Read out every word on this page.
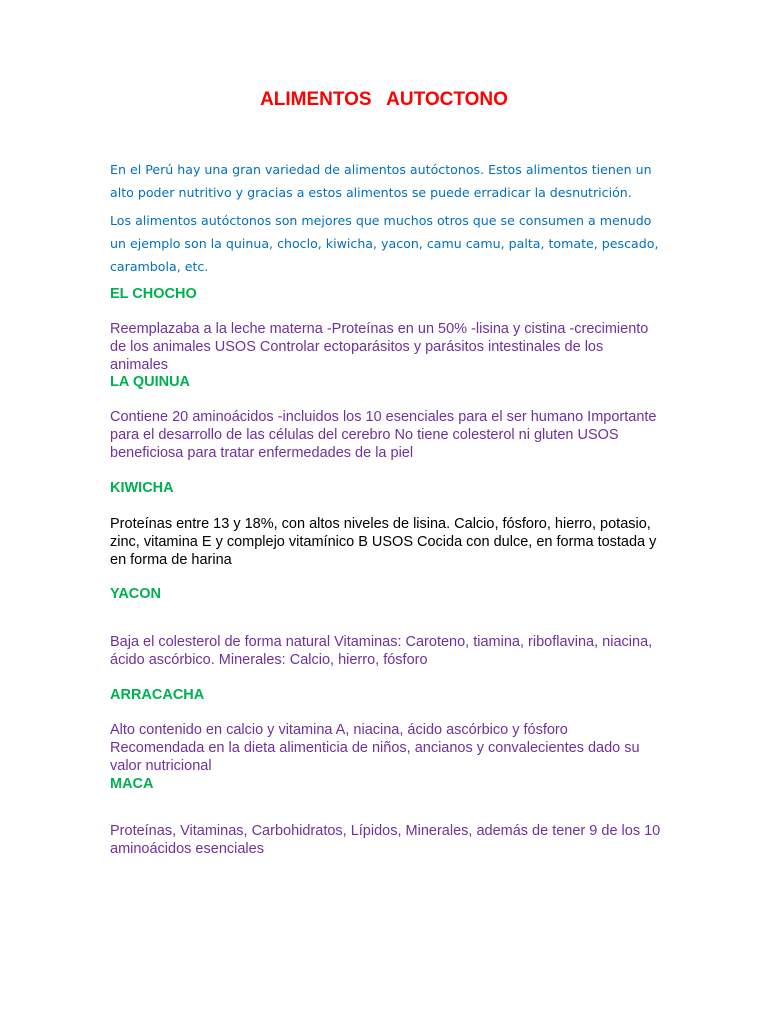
ALIMENTOS AUTOCTONO

En el Perú hay una gran variedad de alimentos autóctonos. Estos alimentos tienen un alto poder nutritivo y gracias a estos alimentos se puede erradicar la desnutrición.

Los alimentos autóctonos son mejores que muchos otros que se consumen a menudo un ejemplo son la quinua, choclo, kiwicha, yacon, camu camu, palta, tomate, pescado, carambola, etc.

EL CHOCHO

Reemplazaba a la leche materna -Proteínas en un 50% -lisina y cistina -crecimiento de los animales USOS Controlar ectoparásitos y parásitos intestinales de los animales

LA QUINUA

Contiene 20 aminoácidos -incluidos los 10 esenciales para el ser humano Importante para el desarrollo de las células del cerebro No tiene colesterol ni gluten USOS beneficiosa para tratar enfermedades de la piel

KIWICHA

Proteínas entre 13 y 18%, con altos niveles de lisina. Calcio, fósforo, hierro, potasio, zinc, vitamina E y complejo vitamínico B USOS Cocida con dulce, en forma tostada y en forma de harina

YACON

Baja el colesterol de forma natural Vitaminas: Caroteno, tiamina, riboflavina, niacina, ácido ascórbico. Minerales: Calcio, hierro, fósforo

ARRACACHA

Alto contenido en calcio y vitamina A, niacina, ácido ascórbico y fósforo Recomendada en la dieta alimenticia de niños, ancianos y convalecientes dado su valor nutricional

MACA

Proteínas, Vitaminas, Carbohidratos, Lípidos, Minerales, además de tener 9 de los 10 aminoácidos esenciales
